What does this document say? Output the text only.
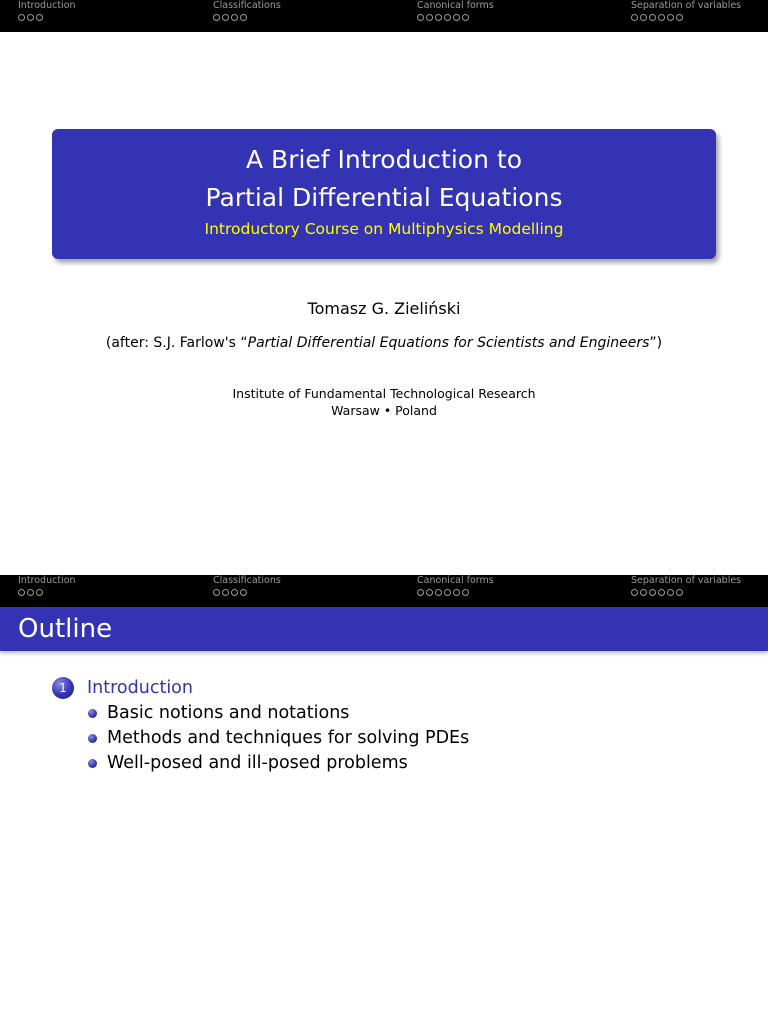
Introduction	Classifications	Canonical forms	Separation of variables
A Brief Introduction to
Partial Differential Equations
Introductory Course on Multiphysics Modelling
Tomasz G. Zieliński
(after: S.J. Farlow's “Partial Differential Equations for Scientists and Engineers”)
Institute of Fundamental Technological Research
Warsaw • Poland
Introduction	Classifications	Canonical forms	Separation of variables
Outline
1	Introduction
Basic notions and notations
Methods and techniques for solving PDEs
Well-posed and ill-posed problems
